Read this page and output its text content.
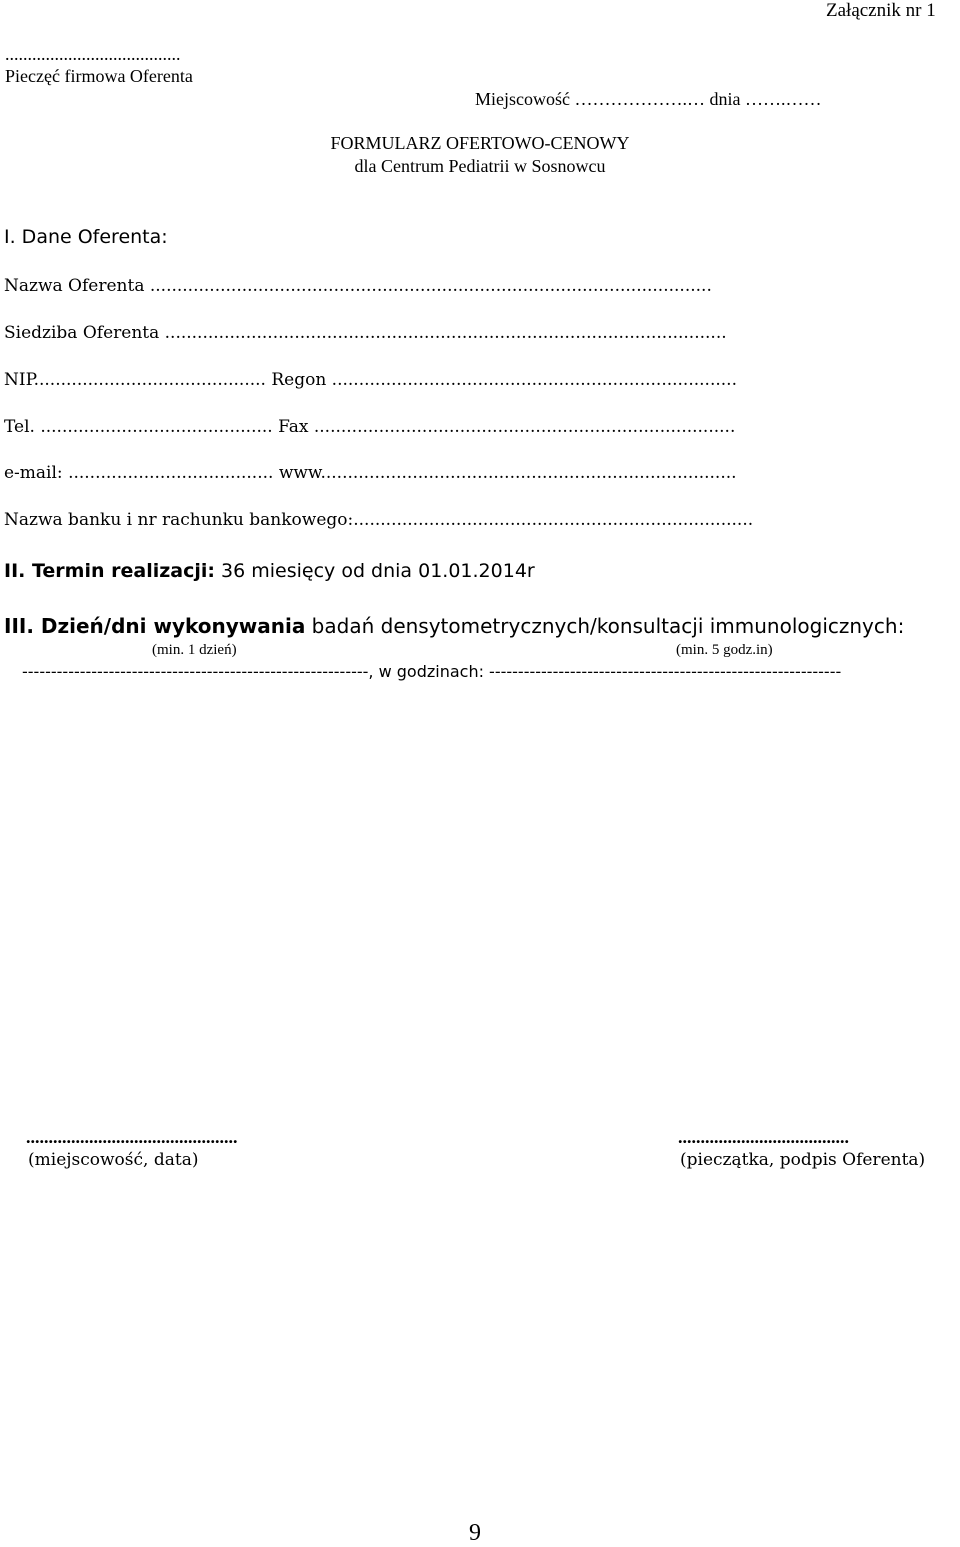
Załącznik nr 1
.......................................
Pieczęć firmowa Oferenta
Miejscowość ……………….… dnia …….……
FORMULARZ OFERTOWO-CENOWY
dla Centrum Pediatrii w Sosnowcu
I. Dane Oferenta:
Nazwa Oferenta ........................................................................................................
Siedziba Oferenta ........................................................................................................
NIP........................................... Regon ...........................................................................
Tel. ........................................... Fax ..............................................................................
e-mail: ...................................... www.............................................................................
Nazwa banku i nr rachunku bankowego:..........................................................................
II. Termin realizacji: 36 miesięcy od dnia 01.01.2014r
III. Dzień/dni wykonywania badań densytometrycznych/konsultacji immunologicznych:
(min. 1 dzień)	(min. 5 godz.in)
------------------------------------------------------------, w godzinach: -------------------------------------------------------------
...............................................
(miejscowość, data)
......................................
(pieczątka, podpis Oferenta)
9
